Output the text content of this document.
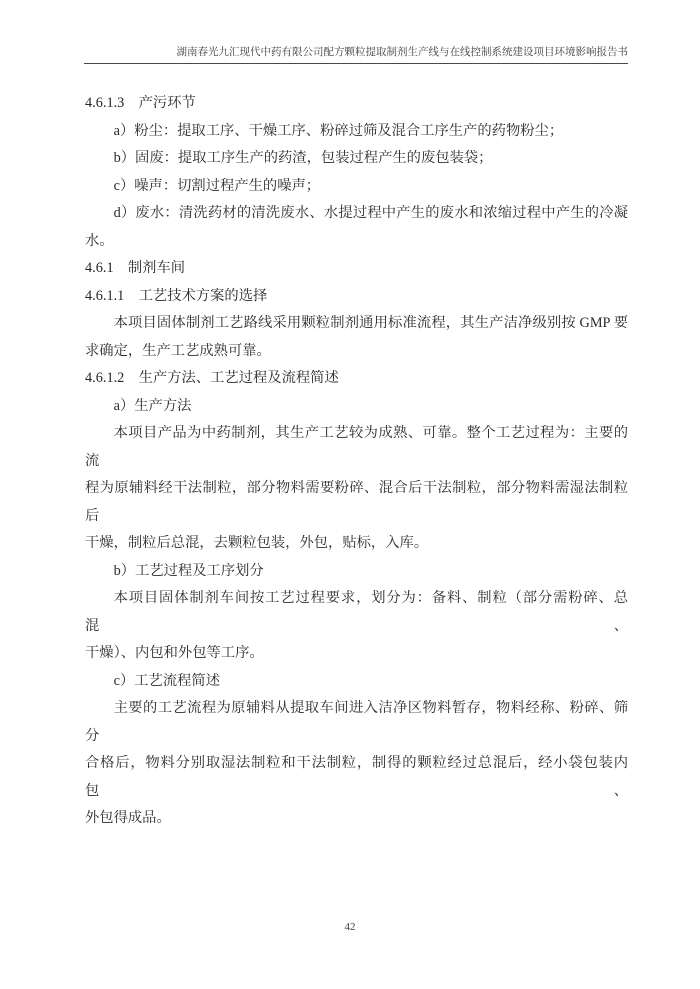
湖南春光九汇现代中药有限公司配方颗粒提取制剂生产线与在线控制系统建设项目环境影响报告书
4.6.1.3　产污环节
a）粉尘：提取工序、干燥工序、粉碎过筛及混合工序生产的药物粉尘；
b）固废：提取工序生产的药渣，包装过程产生的废包装袋；
c）噪声：切割过程产生的噪声；
d）废水：清洗药材的清洗废水、水提过程中产生的废水和浓缩过程中产生的冷凝
水。
4.6.1　制剂车间
4.6.1.1　工艺技术方案的选择
本项目固体制剂工艺路线采用颗粒制剂通用标准流程，其生产洁净级别按 GMP 要
求确定，生产工艺成熟可靠。
4.6.1.2　生产方法、工艺过程及流程简述
a）生产方法
本项目产品为中药制剂，其生产工艺较为成熟、可靠。整个工艺过程为：主要的流
程为原辅料经干法制粒，部分物料需要粉碎、混合后干法制粒，部分物料需湿法制粒后
干燥，制粒后总混，去颗粒包装，外包，贴标，入库。
b）工艺过程及工序划分
本项目固体制剂车间按工艺过程要求，划分为：备料、制粒（部分需粉碎、总混、
干燥）、内包和外包等工序。
c）工艺流程简述
主要的工艺流程为原辅料从提取车间进入洁净区物料暂存，物料经称、粉碎、筛分
合格后，物料分别取湿法制粒和干法制粒，制得的颗粒经过总混后，经小袋包装内包、
外包得成品。
42
